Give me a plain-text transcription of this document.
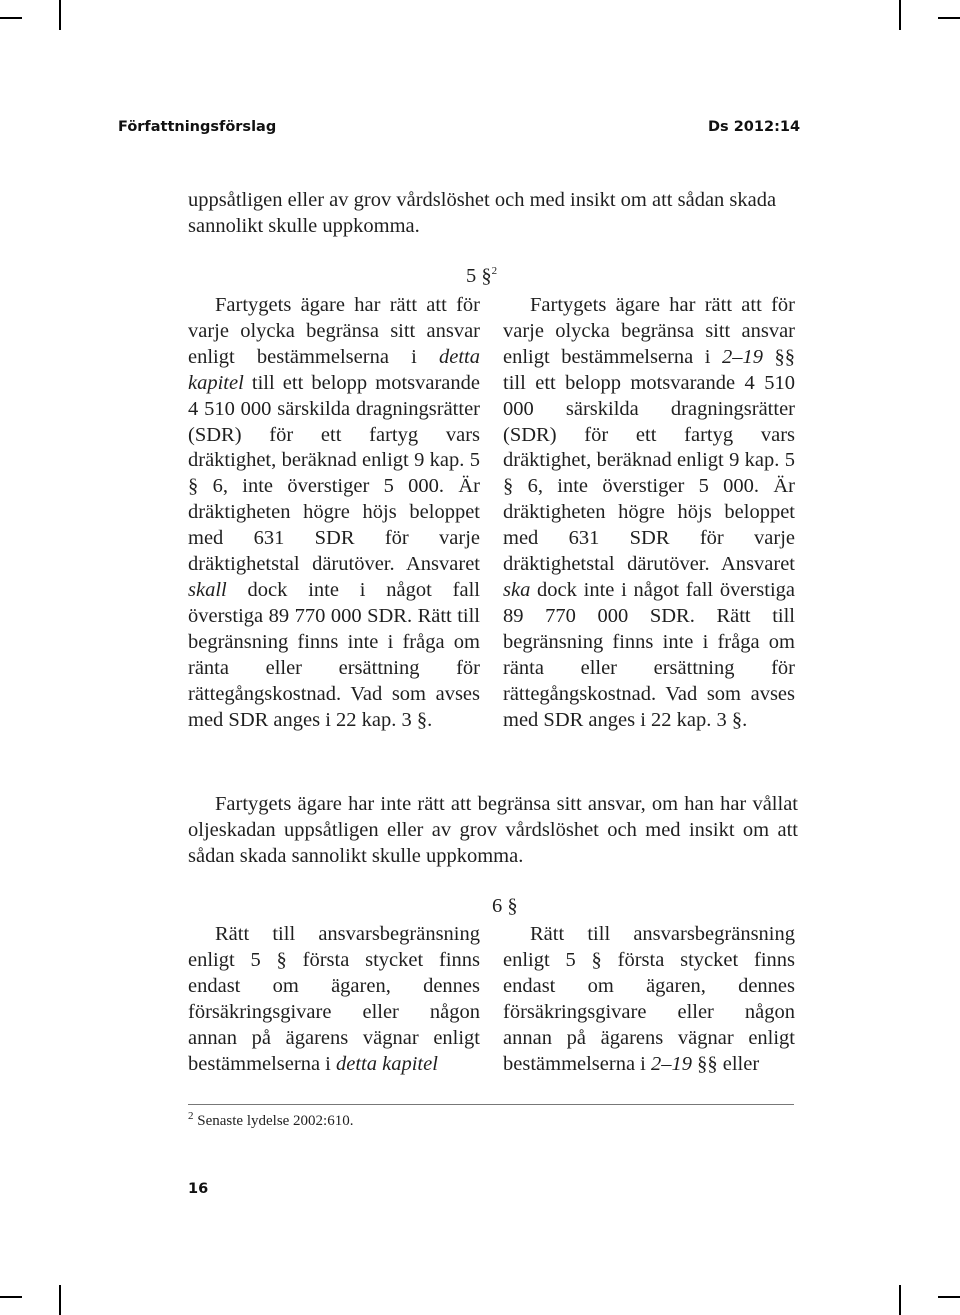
Författningsförslag	Ds 2012:14

uppsåtligen eller av grov vårdslöshet och med insikt om att sådan skada sannolikt skulle uppkomma.

5 §$^2$

Fartygets ägare har rätt att för varje olycka begränsa sitt ansvar enligt bestämmelserna i detta kapitel till ett belopp motsvarande 4 510 000 särskilda dragningsrätter (SDR) för ett fartyg vars dräktighet, beräknad enligt 9 kap. 5 § 6, inte överstiger 5 000. Är dräktigheten högre höjs beloppet med 631 SDR för varje dräktighetstal därutöver. Ansvaret skall dock inte i något fall överstiga 89 770 000 SDR. Rätt till begränsning finns inte i fråga om ränta eller ersättning för rättegångskostnad. Vad som avses med SDR anges i 22 kap. 3 §.

Fartygets ägare har rätt att för varje olycka begränsa sitt ansvar enligt bestämmelserna i 2–19 §§ till ett belopp motsvarande 4 510 000 särskilda dragningsrätter (SDR) för ett fartyg vars dräktighet, beräknad enligt 9 kap. 5 § 6, inte överstiger 5 000. Är dräktigheten högre höjs beloppet med 631 SDR för varje dräktighetstal därutöver. Ansvaret ska dock inte i något fall överstiga 89 770 000 SDR. Rätt till begränsning finns inte i fråga om ränta eller ersättning för rättegångskostnad. Vad som avses med SDR anges i 22 kap. 3 §.

Fartygets ägare har inte rätt att begränsa sitt ansvar, om han har vållat oljeskadan uppsåtligen eller av grov vårdslöshet och med insikt om att sådan skada sannolikt skulle uppkomma.

6 §

Rätt till ansvarsbegränsning enligt 5 § första stycket finns endast om ägaren, dennes försäkringsgivare eller någon annan på ägarens vägnar enligt bestämmelserna i detta kapitel

Rätt till ansvarsbegränsning enligt 5 § första stycket finns endast om ägaren, dennes försäkringsgivare eller någon annan på ägarens vägnar enligt bestämmelserna i 2–19 §§ eller

$^2$ Senaste lydelse 2002:610.
16
